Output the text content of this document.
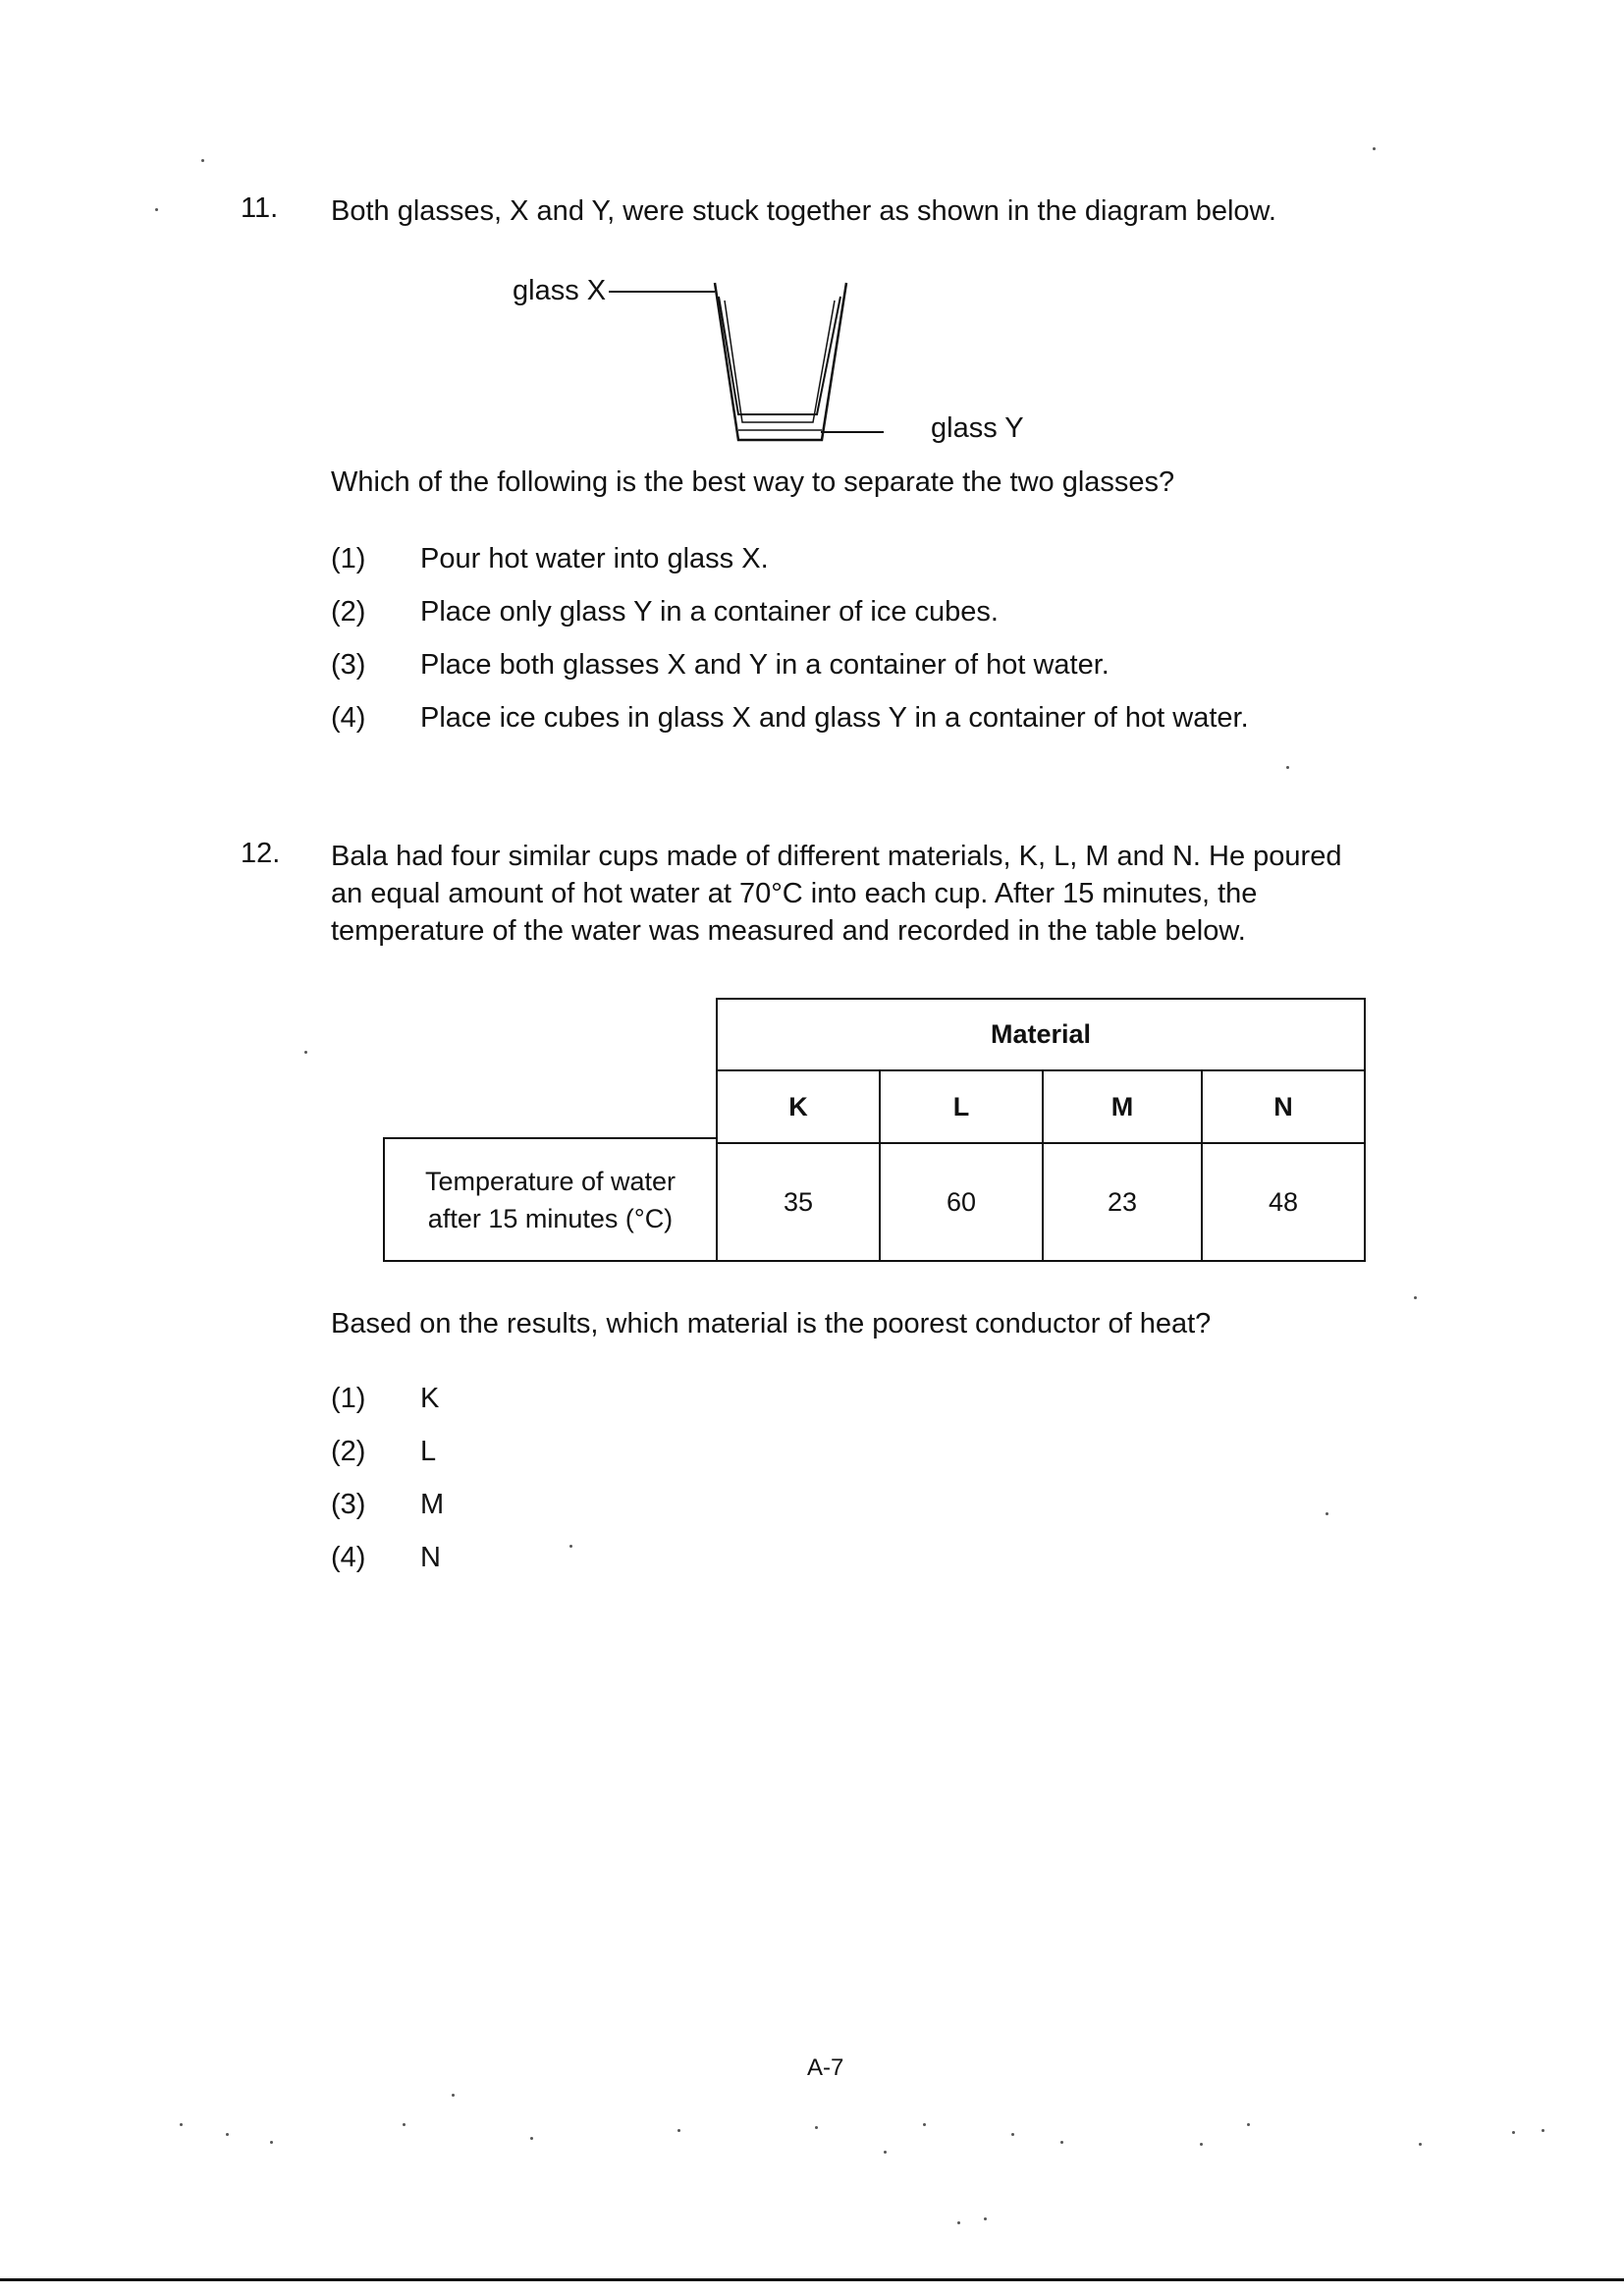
11. Both glasses, X and Y, were stuck together as shown in the diagram below.
glass X
glass Y
Which of the following is the best way to separate the two glasses?
(1) Pour hot water into glass X.
(2) Place only glass Y in a container of ice cubes.
(3) Place both glasses X and Y in a container of hot water.
(4) Place ice cubes in glass X and glass Y in a container of hot water.
12. Bala had four similar cups made of different materials, K, L, M and N. He poured
an equal amount of hot water at 70°C into each cup. After 15 minutes, the
temperature of the water was measured and recorded in the table below.
Material
K	L	M	N
Temperature of water
after 15 minutes (°C)
35	60	23	48
Based on the results, which material is the poorest conductor of heat?
(1) K
(2) L
(3) M
(4) N
A-7
